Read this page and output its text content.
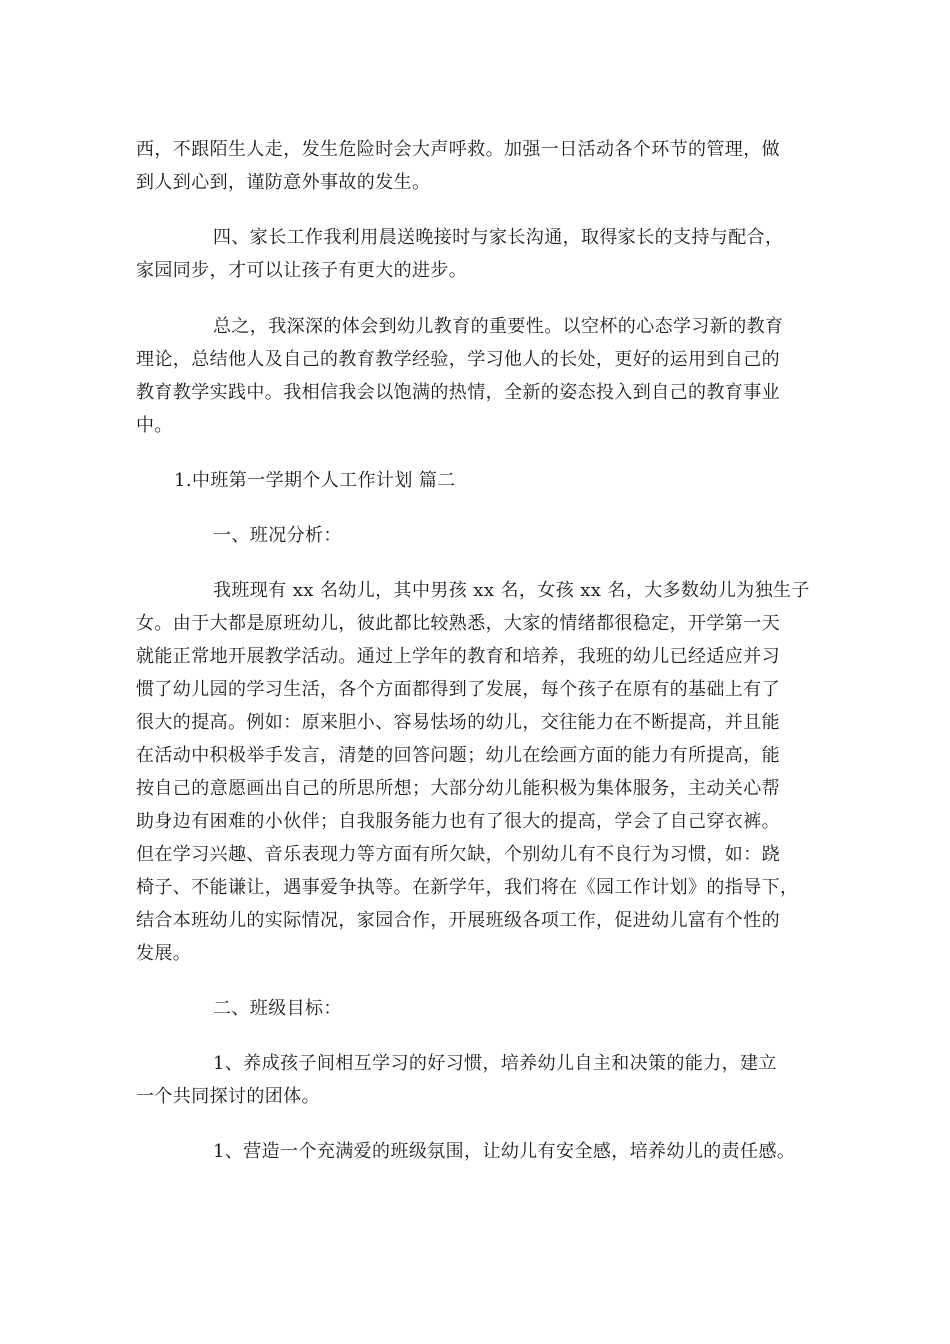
西，不跟陌生人走，发生危险时会大声呼救。加强一日活动各个环节的管理，做
到人到心到，谨防意外事故的发生。
四、家长工作我利用晨送晚接时与家长沟通，取得家长的支持与配合，
家园同步，才可以让孩子有更大的进步。
总之，我深深的体会到幼儿教育的重要性。以空杯的心态学习新的教育
理论，总结他人及自己的教育教学经验，学习他人的长处，更好的运用到自己的
教育教学实践中。我相信我会以饱满的热情，全新的姿态投入到自己的教育事业
中。
1.中班第一学期个人工作计划 篇二
一、班况分析：
我班现有 xx 名幼儿，其中男孩 xx 名，女孩 xx 名，大多数幼儿为独生子
女。由于大都是原班幼儿，彼此都比较熟悉，大家的情绪都很稳定，开学第一天
就能正常地开展教学活动。通过上学年的教育和培养，我班的幼儿已经适应并习
惯了幼儿园的学习生活，各个方面都得到了发展，每个孩子在原有的基础上有了
很大的提高。例如：原来胆小、容易怯场的幼儿，交往能力在不断提高，并且能
在活动中积极举手发言，清楚的回答问题；幼儿在绘画方面的能力有所提高，能
按自己的意愿画出自己的所思所想；大部分幼儿能积极为集体服务，主动关心帮
助身边有困难的小伙伴；自我服务能力也有了很大的提高，学会了自己穿衣裤。
但在学习兴趣、音乐表现力等方面有所欠缺，个别幼儿有不良行为习惯，如：跷
椅子、不能谦让，遇事爱争执等。在新学年，我们将在《园工作计划》的指导下，
结合本班幼儿的实际情况，家园合作，开展班级各项工作，促进幼儿富有个性的
发展。
二、班级目标：
1、养成孩子间相互学习的好习惯，培养幼儿自主和决策的能力，建立
一个共同探讨的团体。
1、营造一个充满爱的班级氛围，让幼儿有安全感，培养幼儿的责任感。
